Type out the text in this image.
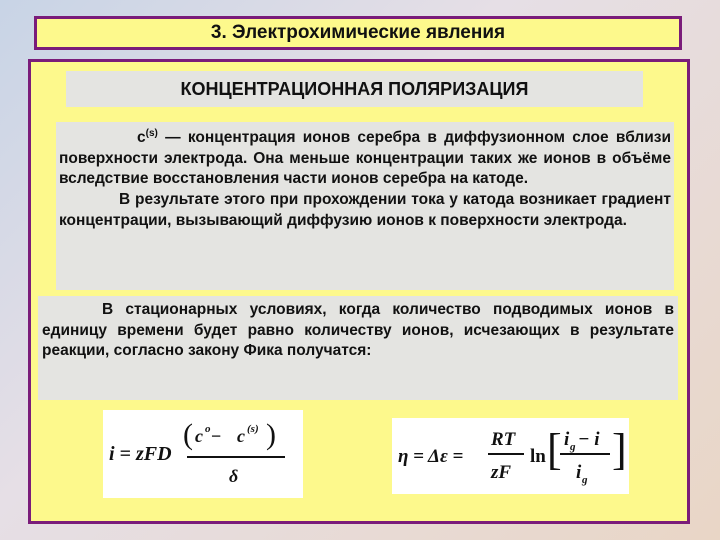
3. Электрохимические явления
КОНЦЕНТРАЦИОННАЯ ПОЛЯРИЗАЦИЯ

$с^{(s)}$ — концентрация ионов серебра в диффузионном слое вблизи поверхности электрода. Она меньше концентрации таких же ионов в объёме вследствие восстановления части ионов серебра на катоде.

В результате этого при прохождении тока у катода возникает градиент концентрации, вызывающий диффузию ионов к поверхности электрода.

В стационарных условиях, когда количество подводимых ионов в единицу времени будет равно количеству ионов, исчезающих в результате реакции, согласно закону Фика получатся:

i = zFD
( c o − c (s) )
δ
η = Δε =
RT
zF
ln [ i g − i
i g
]
